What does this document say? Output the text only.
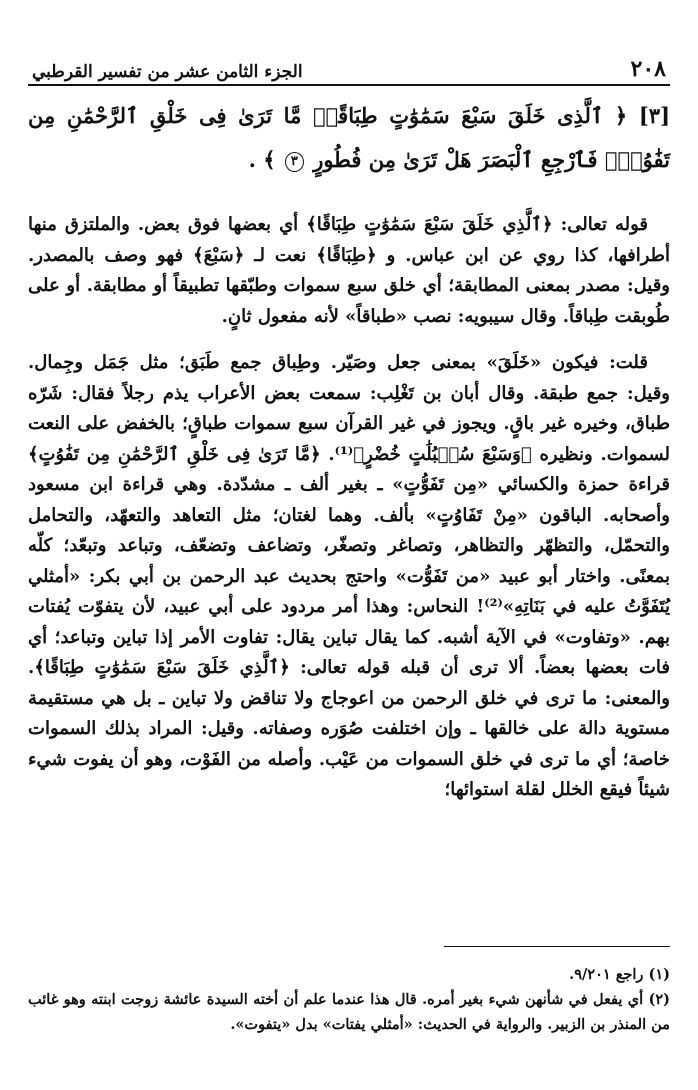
٢٠٨
الجزء الثامن عشر من تفسير القرطبي
[٣] ﴿ ٱلَّذِى خَلَقَ سَبْعَ سَمَٰوَٰتٍ طِبَاقًاۖ مَّا تَرَىٰ فِى خَلْقِ ٱلرَّحْمَٰنِ مِن تَفَٰوُتٍۖ فَٱرْجِعِ ٱلْبَصَرَ هَلْ تَرَىٰ مِن فُطُورٍ ٣ ﴾ .

قوله تعالى: ﴿ٱلَّذِي خَلَقَ سَبْعَ سَمَٰوَٰتٍ طِبَاقًا﴾ أي بعضها فوق بعض. والملتزق منها أطرافها، كذا روي عن ابن عباس. و ﴿طِبَاقًا﴾ نعت لـ ﴿سَبْعَ﴾ فهو وصف بالمصدر. وقيل: مصدر بمعنى المطابقة؛ أي خلق سبع سموات وطبّقها تطبيقاً أو مطابقة. أو على طُوبقت طِباقاً. وقال سيبويه: نصب «طباقاً» لأنه مفعول ثانٍ.

قلت: فيكون «خَلَقَ» بمعنى جعل وصَيّر. وطِباق جمع طَبَق؛ مثل جَمَل وجِمال. وقيل: جمع طبقة. وقال أبان بن تَغْلِب: سمعت بعض الأعراب يذم رجلاً فقال: شَرّه طباق، وخيره غير باقٍ. ويجوز في غير القرآن سبع سموات طباقٍ؛ بالخفض على النعت لسموات. ونظيره ﴿وَسَبْعَ سُنۢبُلَٰتٍ خُضْرٍ﴾⁽¹⁾. ﴿مَّا تَرَىٰ فِى خَلْقِ ٱلرَّحْمَٰنِ مِن تَفَٰوُتٍ﴾ قراءة حمزة والكسائي «مِن تَفَوُّتٍ» ـ بغير ألف ـ مشدّدة. وهي قراءة ابن مسعود وأصحابه. الباقون «مِنْ تَفَاوُتٍ» بألف. وهما لغتان؛ مثل التعاهد والتعهّد، والتحامل والتحمّل، والتظهّر والتظاهر، وتصاغر وتصغّر، وتضاعف وتضعّف، وتباعد وتبعّد؛ كلّه بمعنًى. واختار أبو عبيد «من تَفَوُّت» واحتج بحديث عبد الرحمن بن أبي بكر: «أمثلي يُتَفَوَّتُ عليه في بَنَاتِهِ»⁽²⁾! النحاس: وهذا أمر مردود على أبي عبيد، لأن يتفوّت يُفتات بهم. «وتفاوت» في الآية أشبه. كما يقال تباين يقال: تفاوت الأمر إذا تباين وتباعد؛ أي فات بعضها بعضاً. ألا ترى أن قبله قوله تعالى: ﴿ٱلَّذِي خَلَقَ سَبْعَ سَمَٰوَٰتٍ طِبَاقًا﴾. والمعنى: ما ترى في خلق الرحمن من اعوجاج ولا تناقض ولا تباين ـ بل هي مستقيمة مستوية دالة على خالقها ـ وإن اختلفت صُوَره وصفاته. وقيل: المراد بذلك السموات خاصة؛ أي ما ترى في خلق السموات من عَيْب. وأصله من الفَوْت، وهو أن يفوت شيء شيئاً فيقع الخلل لقلة استوائها؛

(١) راجع ٩/٢٠١.

(٢) أي يفعل في شأنهن شيء بغير أمره. قال هذا عندما علم أن أخته السيدة عائشة زوجت ابنته وهو غائب من المنذر بن الزبير. والرواية في الحديث: «أمثلي يفتات» بدل «يتفوت».
